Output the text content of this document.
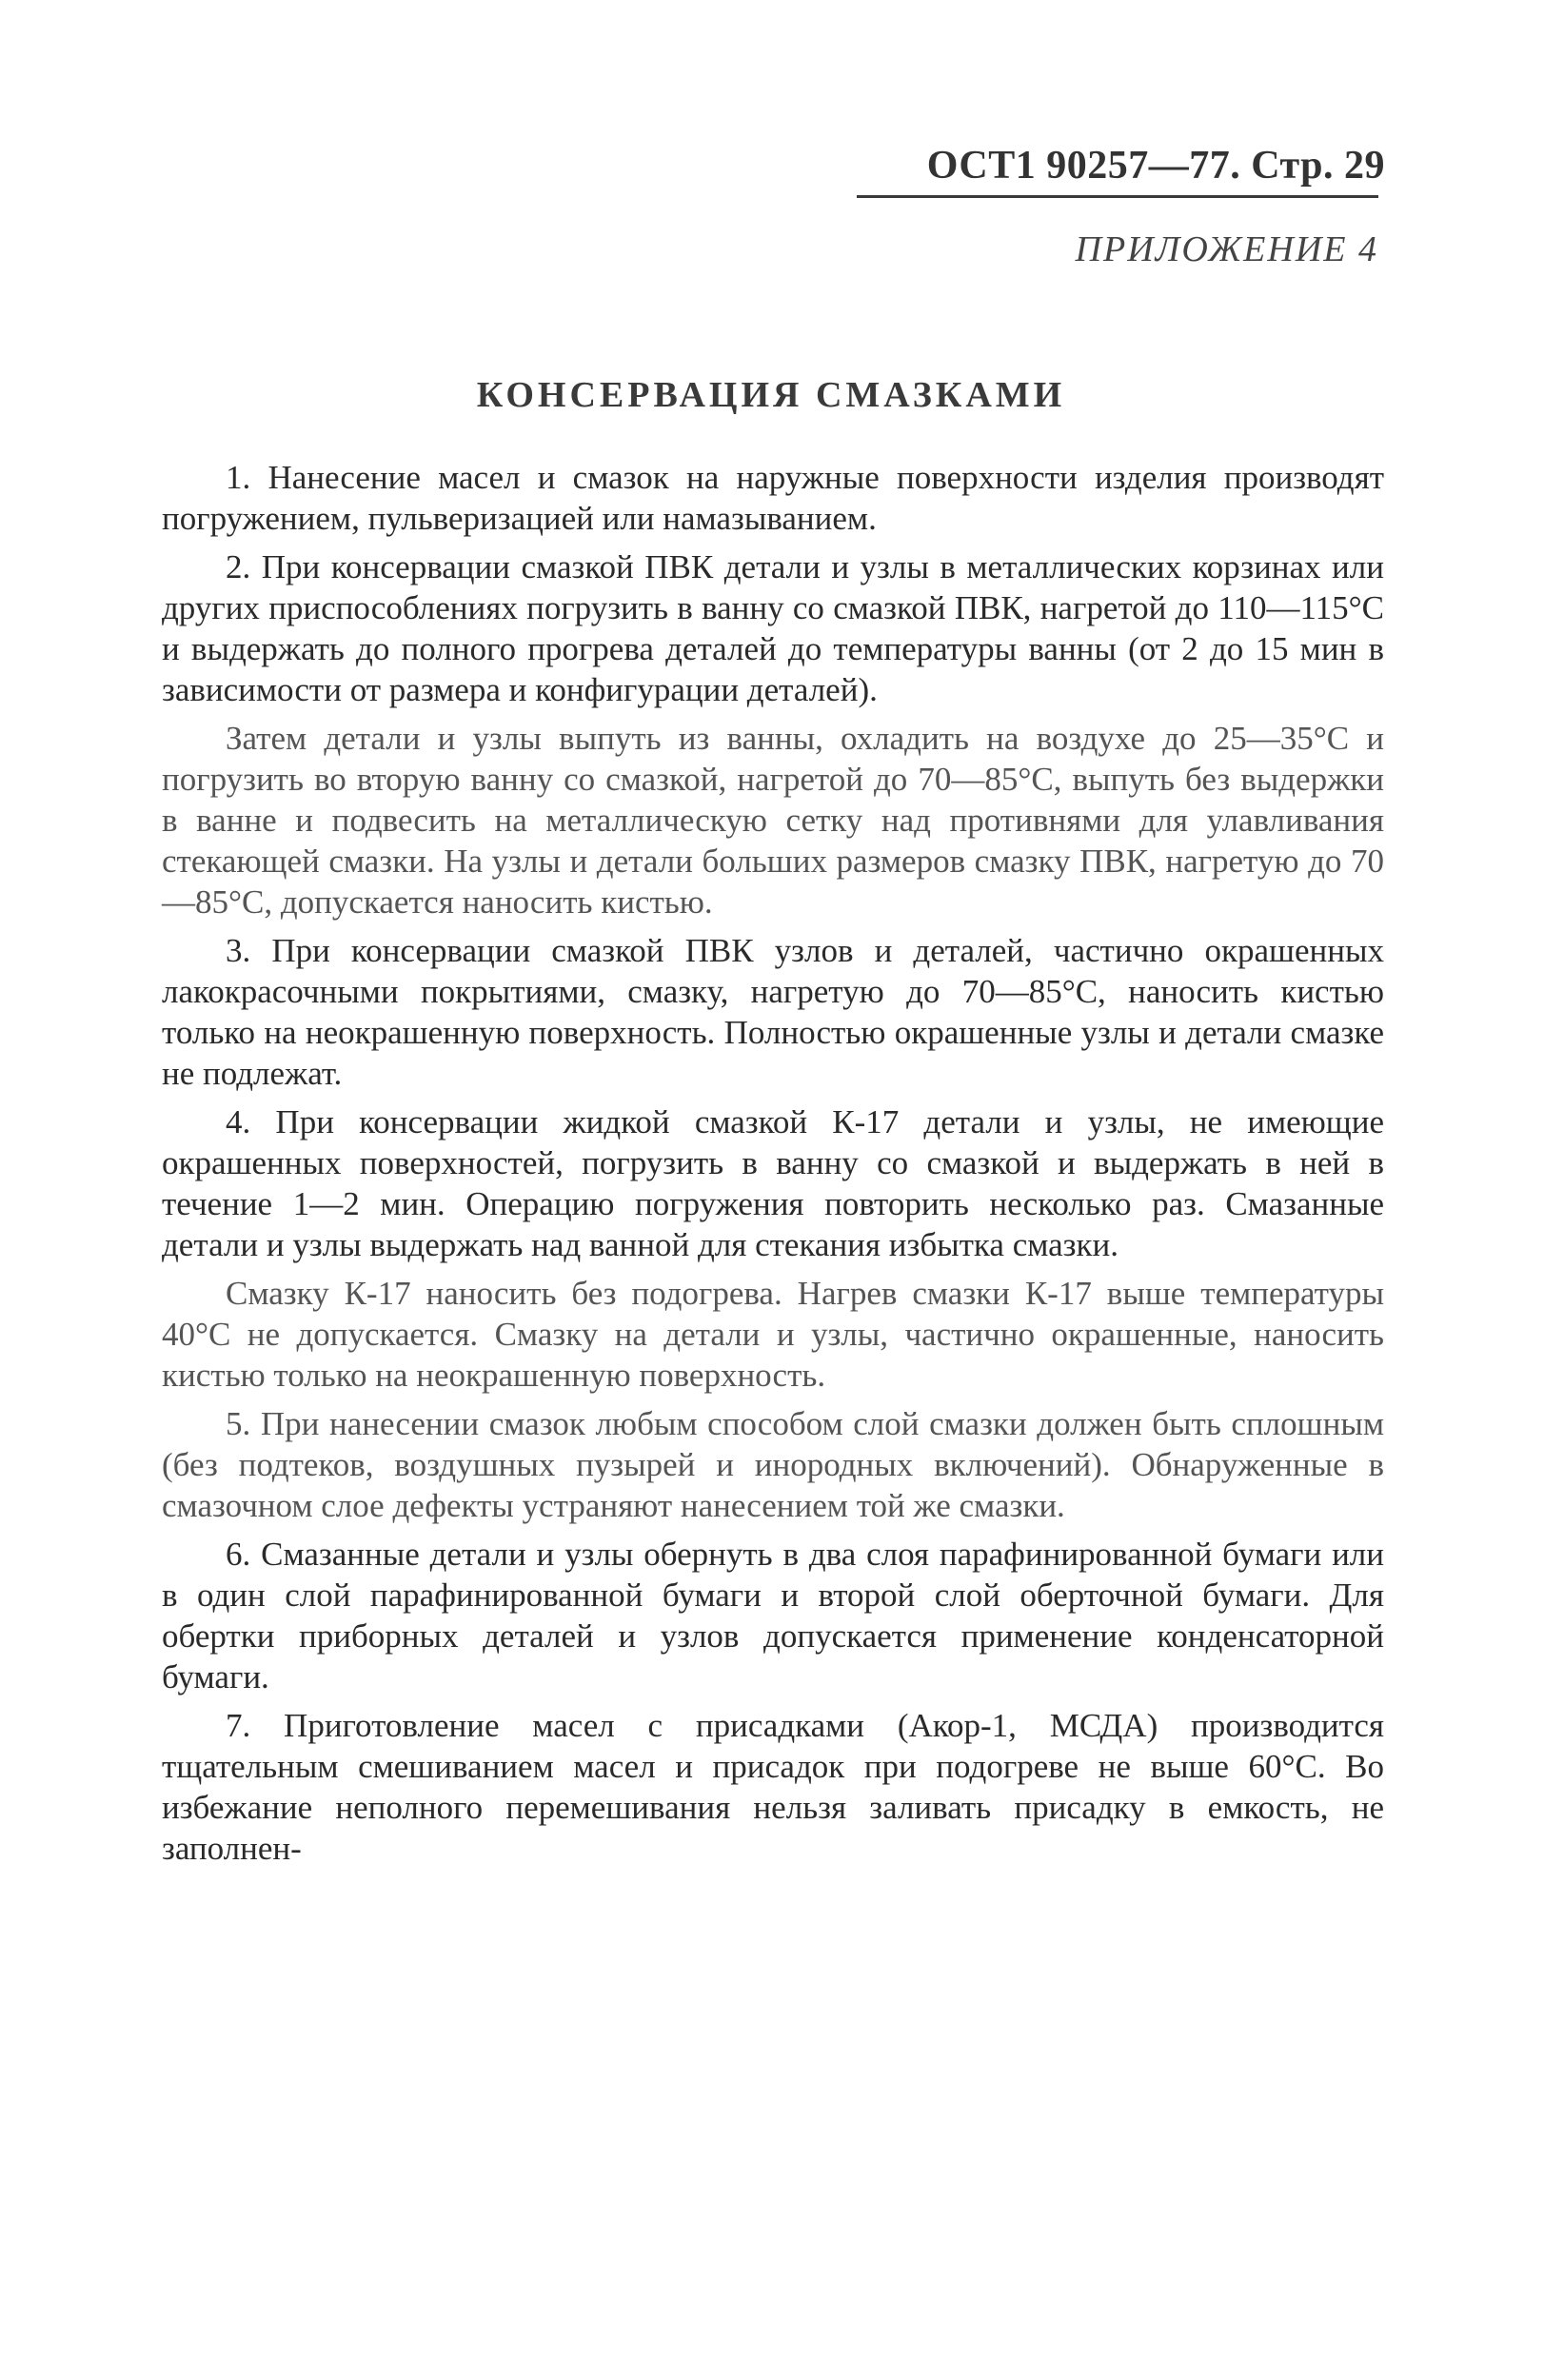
ОСТ1 90257—77. Стр. 29
ПРИЛОЖЕНИЕ 4
КОНСЕРВАЦИЯ СМАЗКАМИ

1. Нанесение масел и смазок на наружные поверхности изделия производят погружением, пульверизацией или намазыванием.

2. При консервации смазкой ПВК детали и узлы в металлических корзинах или других приспособлениях погрузить в ванну со смазкой ПВК, нагретой до 110—115°С и выдержать до полного прогрева деталей до температуры ванны (от 2 до 15 мин в зависимости от размера и конфигурации деталей).

Затем детали и узлы выпуть из ванны, охладить на воздухе до 25—35°С и погрузить во вторую ванну со смазкой, нагретой до 70—85°С, выпуть без выдержки в ванне и подвесить на металлическую сетку над противнями для улавливания стекающей смазки. На узлы и детали больших размеров смазку ПВК, нагретую до 70—85°С, допускается наносить кистью.

3. При консервации смазкой ПВК узлов и деталей, частично окрашенных лакокрасочными покрытиями, смазку, нагретую до 70—85°С, наносить кистью только на неокрашенную поверхность. Полностью окрашенные узлы и детали смазке не подлежат.

4. При консервации жидкой смазкой К-17 детали и узлы, не имеющие окрашенных поверхностей, погрузить в ванну со смазкой и выдержать в ней в течение 1—2 мин. Операцию погружения повторить несколько раз. Смазанные детали и узлы выдержать над ванной для стекания избытка смазки.

Смазку К-17 наносить без подогрева. Нагрев смазки К-17 выше температуры 40°С не допускается. Смазку на детали и узлы, частично окрашенные, наносить кистью только на неокрашенную поверхность.

5. При нанесении смазок любым способом слой смазки должен быть сплошным (без подтеков, воздушных пузырей и инородных включений). Обнаруженные в смазочном слое дефекты устраняют нанесением той же смазки.

6. Смазанные детали и узлы обернуть в два слоя парафинированной бумаги или в один слой парафинированной бумаги и второй слой оберточной бумаги. Для обертки приборных деталей и узлов допускается применение конденсаторной бумаги.

7. Приготовление масел с присадками (Акор-1, МСДА) производится тщательным смешиванием масел и присадок при подогреве не выше 60°С. Во избежание неполного перемешивания нельзя заливать присадку в емкость, не заполнен-
